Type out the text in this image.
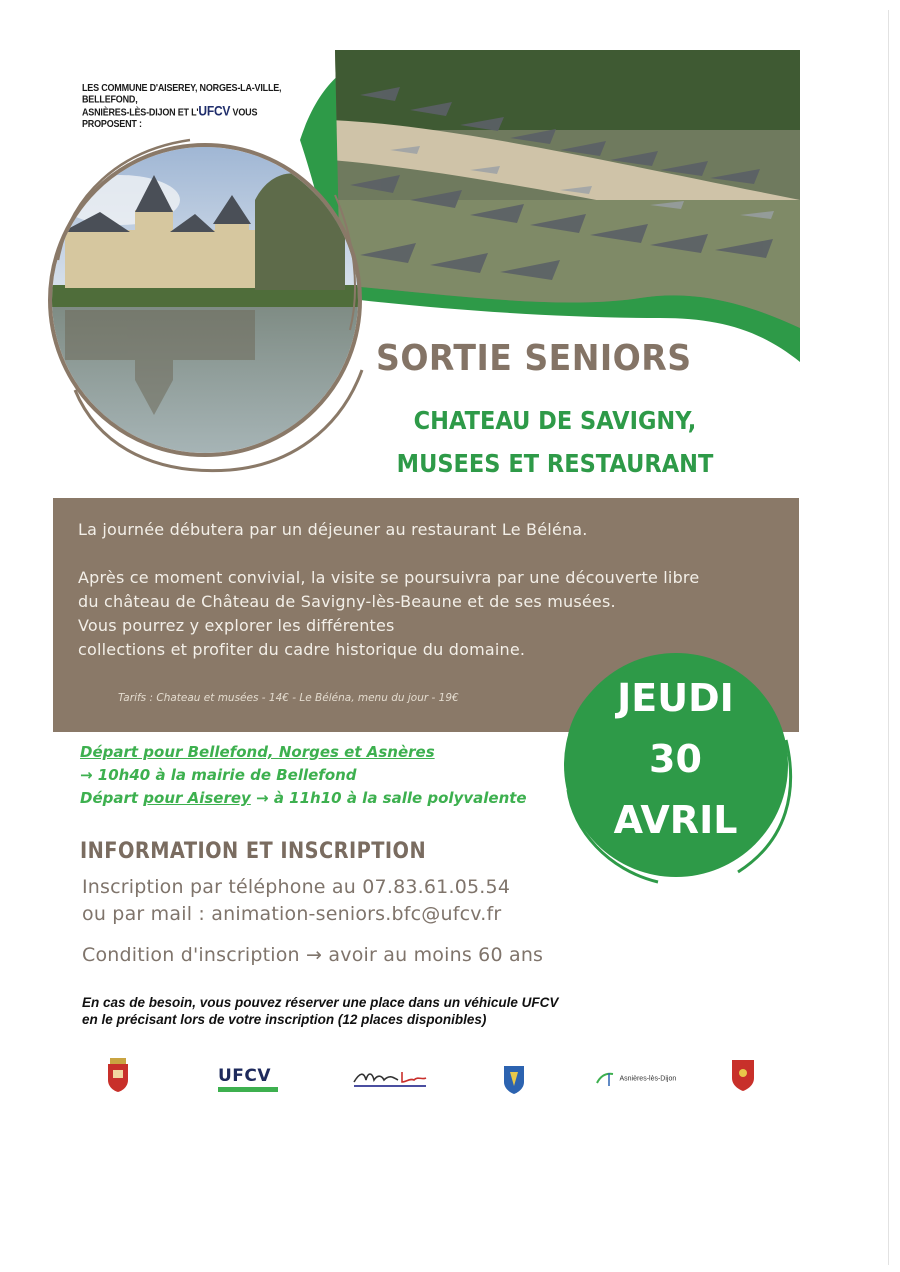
LES COMMUNE D'AISEREY, NORGES-LA-VILLE, BELLEFOND,
ASNIÈRES-LÈS-DIJON ET L'UFCV VOUS PROPOSENT :
SORTIE SENIORS
CHATEAU DE SAVIGNY,
MUSEES ET RESTAURANT
La journée débutera par un déjeuner au restaurant Le Béléna.
Après ce moment convivial, la visite se poursuivra par une découverte libre
du château de Château de Savigny-lès-Beaune et de ses musées.
Vous pourrez y explorer les différentes
collections et profiter du cadre historique du domaine.
Tarifs : Chateau et musées - 14€ - Le Béléna, menu du jour - 19€	JEUDI
30
AVRIL
Départ pour Bellefond, Norges et Asnères
→ 10h40 à la mairie de Bellefond
Départ pour Aiserey → à 11h10 à la salle polyvalente
INFORMATION ET INSCRIPTION
Inscription par téléphone au 07.83.61.05.54
ou par mail : animation-seniors.bfc@ufcv.fr
Condition d'inscription → avoir au moins 60 ans
En cas de besoin, vous pouvez réserver une place dans un véhicule UFCV
en le précisant lors de votre inscription (12 places disponibles)
UFCV	Asnières-lès-Dijon
